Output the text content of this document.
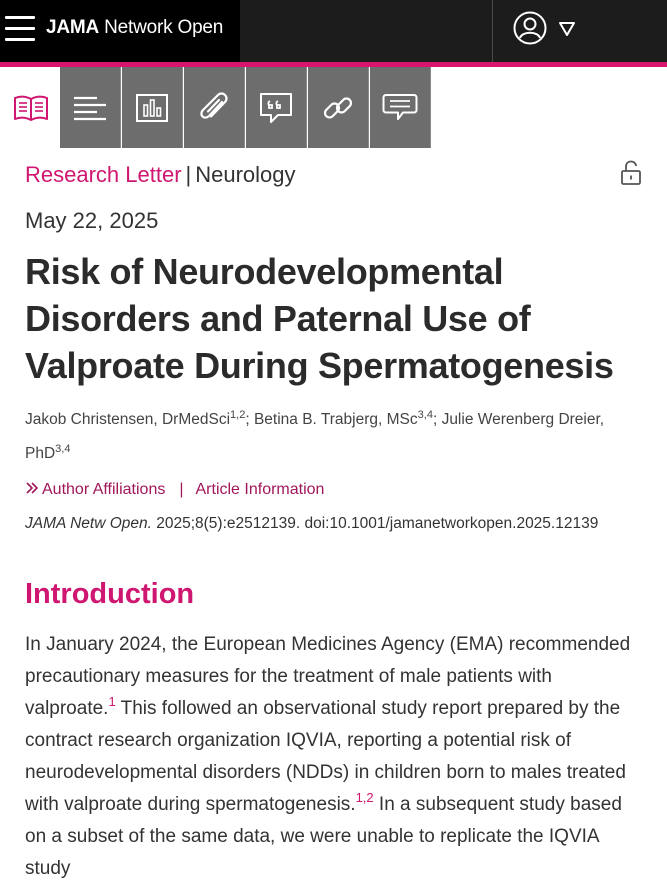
JAMA Network Open
Research Letter | Neurology
May 22, 2025
Risk of Neurodevelopmental Disorders and Paternal Use of Valproate During Spermatogenesis
Jakob Christensen, DrMedSci$^{1,2}$; Betina B. Trabjerg, MSc$^{3,4}$; Julie Werenberg Dreier, PhD$^{3,4}$
Author Affiliations | Article Information
JAMA Netw Open. 2025;8(5):e2512139. doi:10.1001/jamanetworkopen.2025.12139
Introduction

In January 2024, the European Medicines Agency (EMA) recommended precautionary measures for the treatment of male patients with valproate.$^1$ This followed an observational study report prepared by the contract research organization IQVIA, reporting a potential risk of neurodevelopmental disorders (NDDs) in children born to males treated with valproate during spermatogenesis.$^{1,2}$ In a subsequent study based on a subset of the same data, we were unable to replicate the IQVIA study
